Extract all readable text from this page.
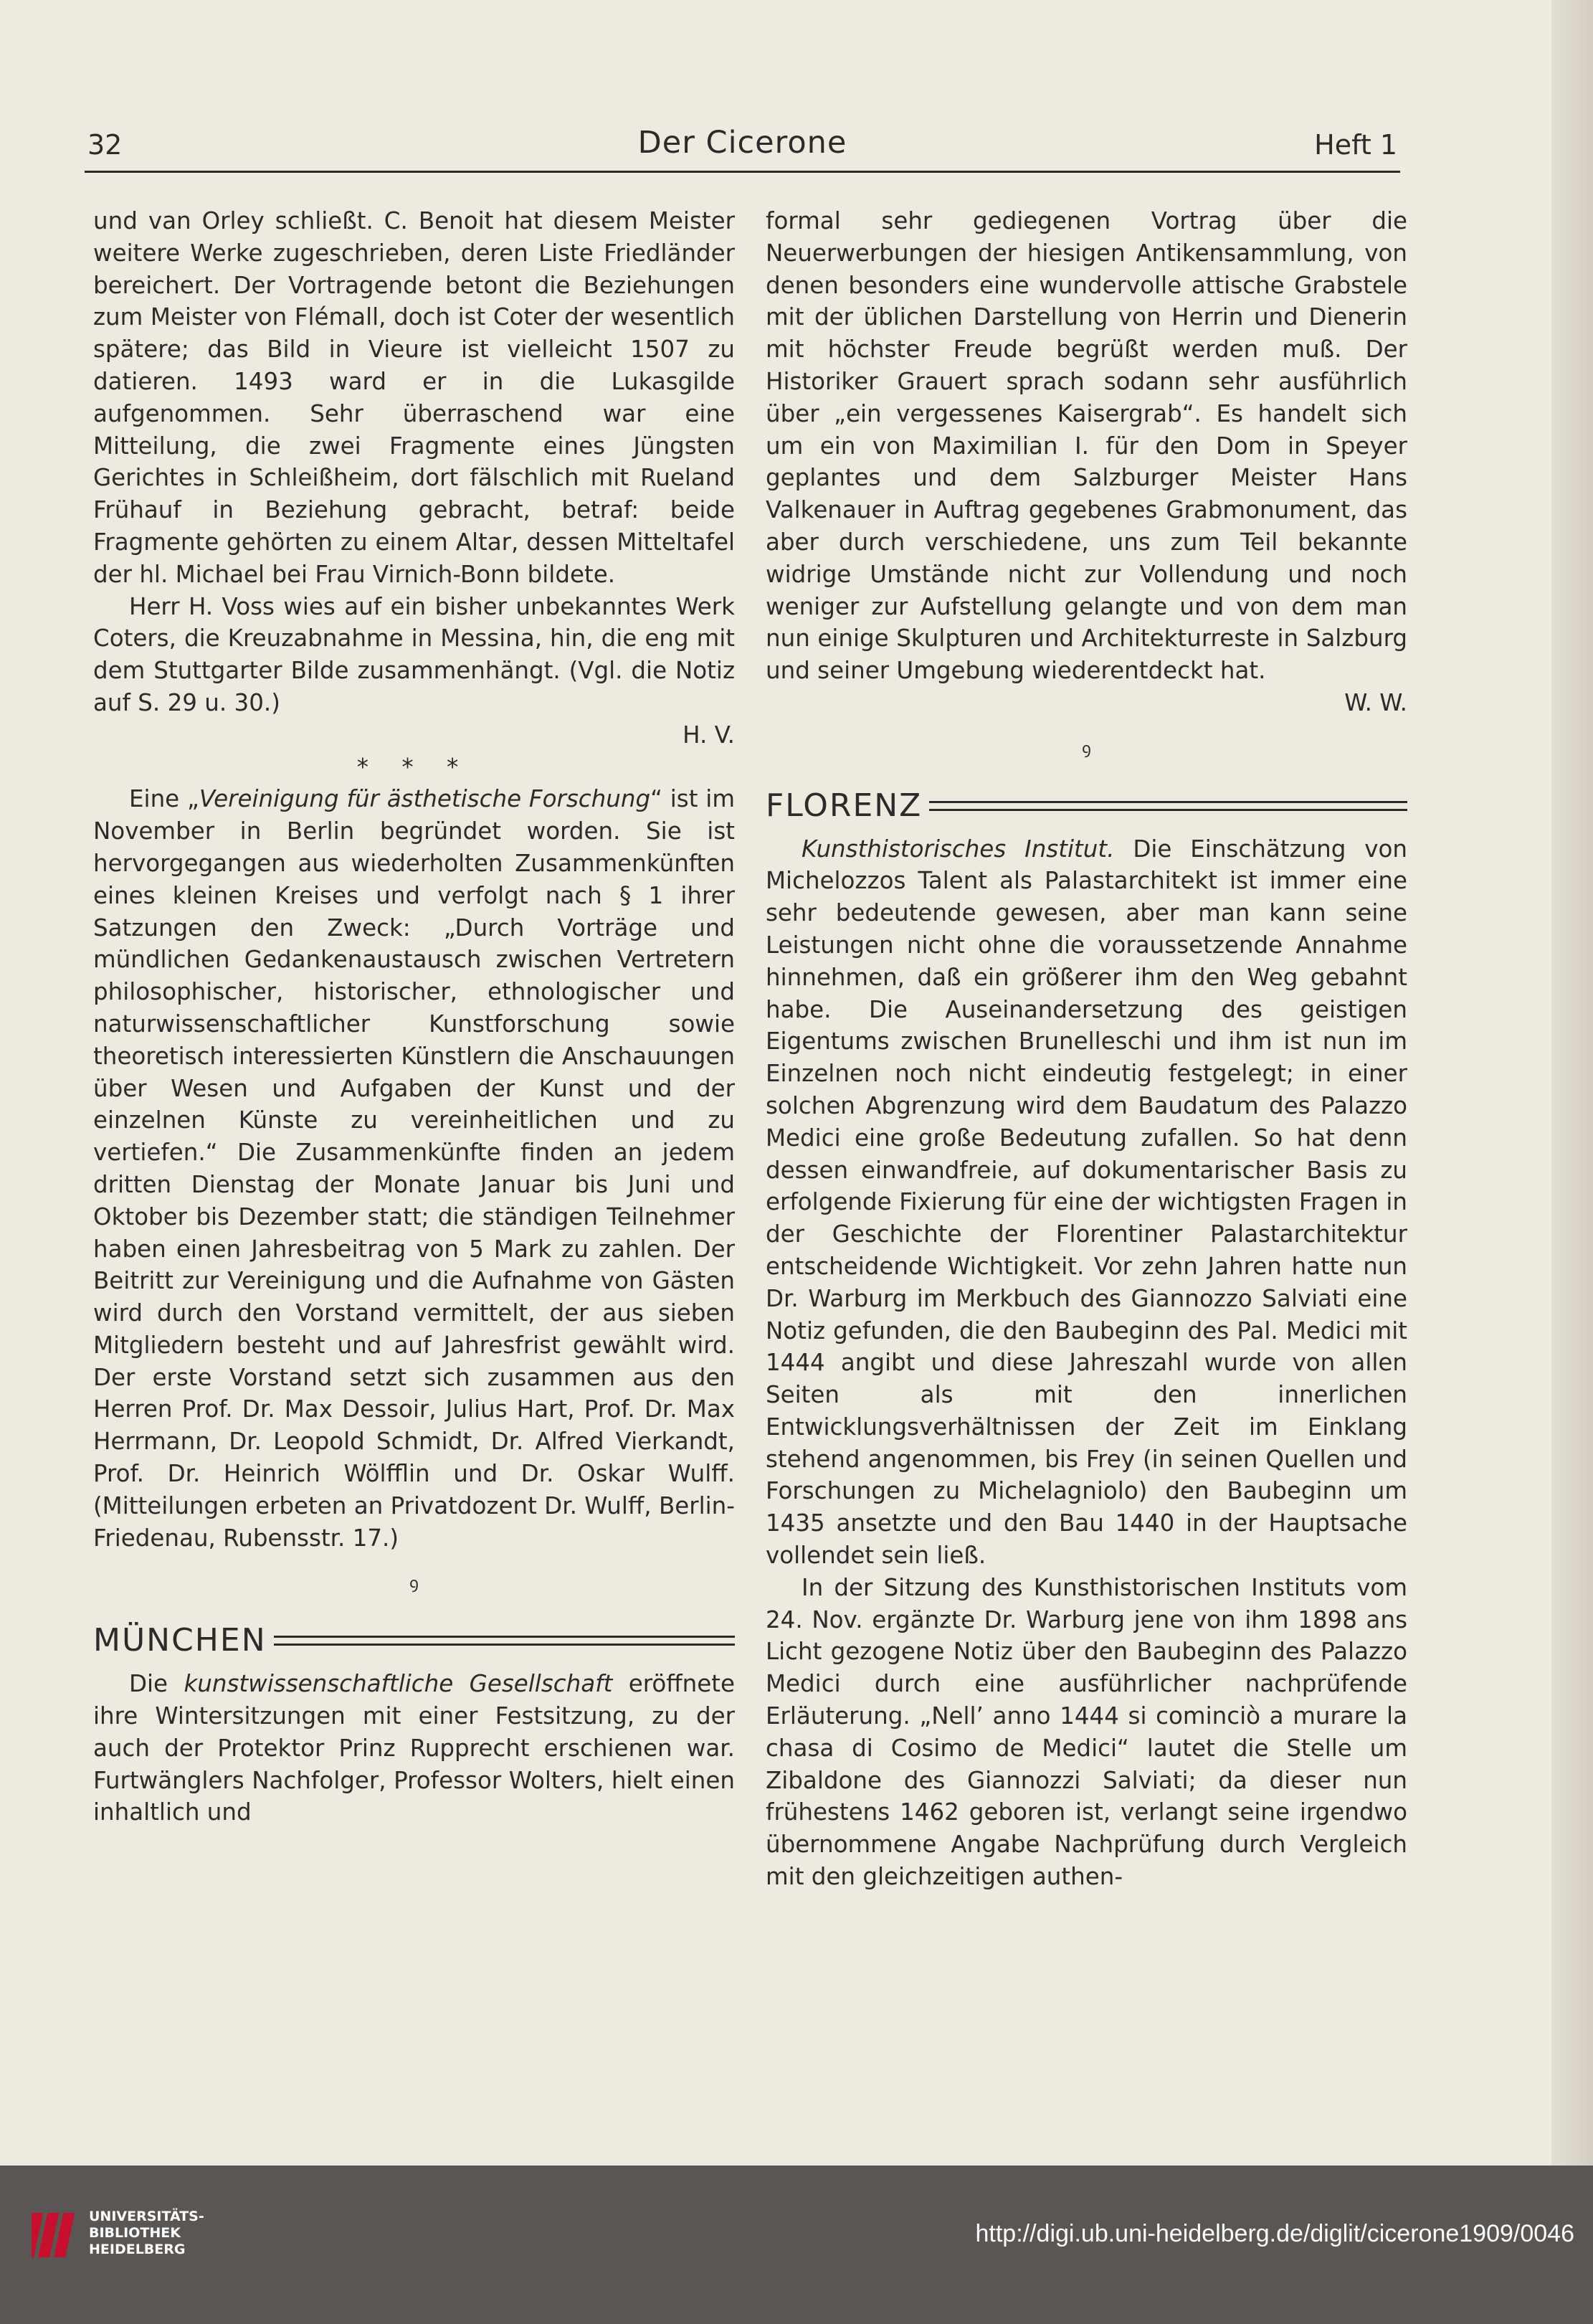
32	Der Cicerone	Heft 1

und van Orley schließt. C. Benoit hat diesem Meister weitere Werke zugeschrieben, deren Liste Friedländer bereichert. Der Vortragende betont die Beziehungen zum Meister von Flémall, doch ist Coter der wesentlich spätere; das Bild in Vieure ist vielleicht 1507 zu datieren. 1493 ward er in die Lukasgilde aufgenommen. Sehr überraschend war eine Mitteilung, die zwei Fragmente eines Jüngsten Gerichtes in Schleißheim, dort fälschlich mit Rueland Frühauf in Beziehung gebracht, betraf: beide Fragmente gehörten zu einem Altar, dessen Mitteltafel der hl. Michael bei Frau Virnich-Bonn bildete.

Herr H. Voss wies auf ein bisher unbekanntes Werk Coters, die Kreuzabnahme in Messina, hin, die eng mit dem Stuttgarter Bilde zusammenhängt. (Vgl. die Notiz auf S. 29 u. 30.)

H. V.

* * *

Eine „Vereinigung für ästhetische Forschung“ ist im November in Berlin begründet worden. Sie ist hervorgegangen aus wiederholten Zusammenkünften eines kleinen Kreises und verfolgt nach § 1 ihrer Satzungen den Zweck: „Durch Vorträge und mündlichen Gedankenaustausch zwischen Vertretern philosophischer, historischer, ethnologischer und naturwissenschaftlicher Kunstforschung sowie theoretisch interessierten Künstlern die Anschauungen über Wesen und Aufgaben der Kunst und der einzelnen Künste zu vereinheitlichen und zu vertiefen.“ Die Zusammenkünfte finden an jedem dritten Dienstag der Monate Januar bis Juni und Oktober bis Dezember statt; die ständigen Teilnehmer haben einen Jahresbeitrag von 5 Mark zu zahlen. Der Beitritt zur Vereinigung und die Aufnahme von Gästen wird durch den Vorstand vermittelt, der aus sieben Mitgliedern besteht und auf Jahresfrist gewählt wird. Der erste Vorstand setzt sich zusammen aus den Herren Prof. Dr. Max Dessoir, Julius Hart, Prof. Dr. Max Herrmann, Dr. Leopold Schmidt, Dr. Alfred Vierkandt, Prof. Dr. Heinrich Wölfflin und Dr. Oskar Wulff. (Mitteilungen erbeten an Privatdozent Dr. Wulff, Berlin-Friedenau, Rubensstr. 17.)

ꝯ
MÜNCHEN

Die kunstwissenschaftliche Gesellschaft eröffnete ihre Wintersitzungen mit einer Festsitzung, zu der auch der Protektor Prinz Rupprecht erschienen war. Furtwänglers Nachfolger, Professor Wolters, hielt einen inhaltlich und

formal sehr gediegenen Vortrag über die Neuerwerbungen der hiesigen Antikensammlung, von denen besonders eine wundervolle attische Grabstele mit der üblichen Darstellung von Herrin und Dienerin mit höchster Freude begrüßt werden muß. Der Historiker Grauert sprach sodann sehr ausführlich über „ein vergessenes Kaisergrab“. Es handelt sich um ein von Maximilian I. für den Dom in Speyer geplantes und dem Salzburger Meister Hans Valkenauer in Auftrag gegebenes Grabmonument, das aber durch verschiedene, uns zum Teil bekannte widrige Umstände nicht zur Vollendung und noch weniger zur Aufstellung gelangte und von dem man nun einige Skulpturen und Architekturreste in Salzburg und seiner Umgebung wiederentdeckt hat.

W. W.

ꝯ
FLORENZ

Kunsthistorisches Institut. Die Einschätzung von Michelozzos Talent als Palastarchitekt ist immer eine sehr bedeutende gewesen, aber man kann seine Leistungen nicht ohne die voraussetzende Annahme hinnehmen, daß ein größerer ihm den Weg gebahnt habe. Die Auseinandersetzung des geistigen Eigentums zwischen Brunelleschi und ihm ist nun im Einzelnen noch nicht eindeutig festgelegt; in einer solchen Abgrenzung wird dem Baudatum des Palazzo Medici eine große Bedeutung zufallen. So hat denn dessen einwandfreie, auf dokumentarischer Basis zu erfolgende Fixierung für eine der wichtigsten Fragen in der Geschichte der Florentiner Palastarchitektur entscheidende Wichtigkeit. Vor zehn Jahren hatte nun Dr. Warburg im Merkbuch des Giannozzo Salviati eine Notiz gefunden, die den Baubeginn des Pal. Medici mit 1444 angibt und diese Jahreszahl wurde von allen Seiten als mit den innerlichen Entwicklungsverhältnissen der Zeit im Einklang stehend angenommen, bis Frey (in seinen Quellen und Forschungen zu Michelagniolo) den Baubeginn um 1435 ansetzte und den Bau 1440 in der Hauptsache vollendet sein ließ.

In der Sitzung des Kunsthistorischen Instituts vom 24. Nov. ergänzte Dr. Warburg jene von ihm 1898 ans Licht gezogene Notiz über den Baubeginn des Palazzo Medici durch eine ausführlicher nachprüfende Erläuterung. „Nell’ anno 1444 si cominciò a murare la chasa di Cosimo de Medici“ lautet die Stelle um Zibaldone des Giannozzi Salviati; da dieser nun frühestens 1462 geboren ist, verlangt seine irgendwo übernommene Angabe Nachprüfung durch Vergleich mit den gleichzeitigen authen-

UNIVERSITÄTS-
BIBLIOTHEK
HEIDELBERG
http://digi.ub.uni-heidelberg.de/diglit/cicerone1909/0046
